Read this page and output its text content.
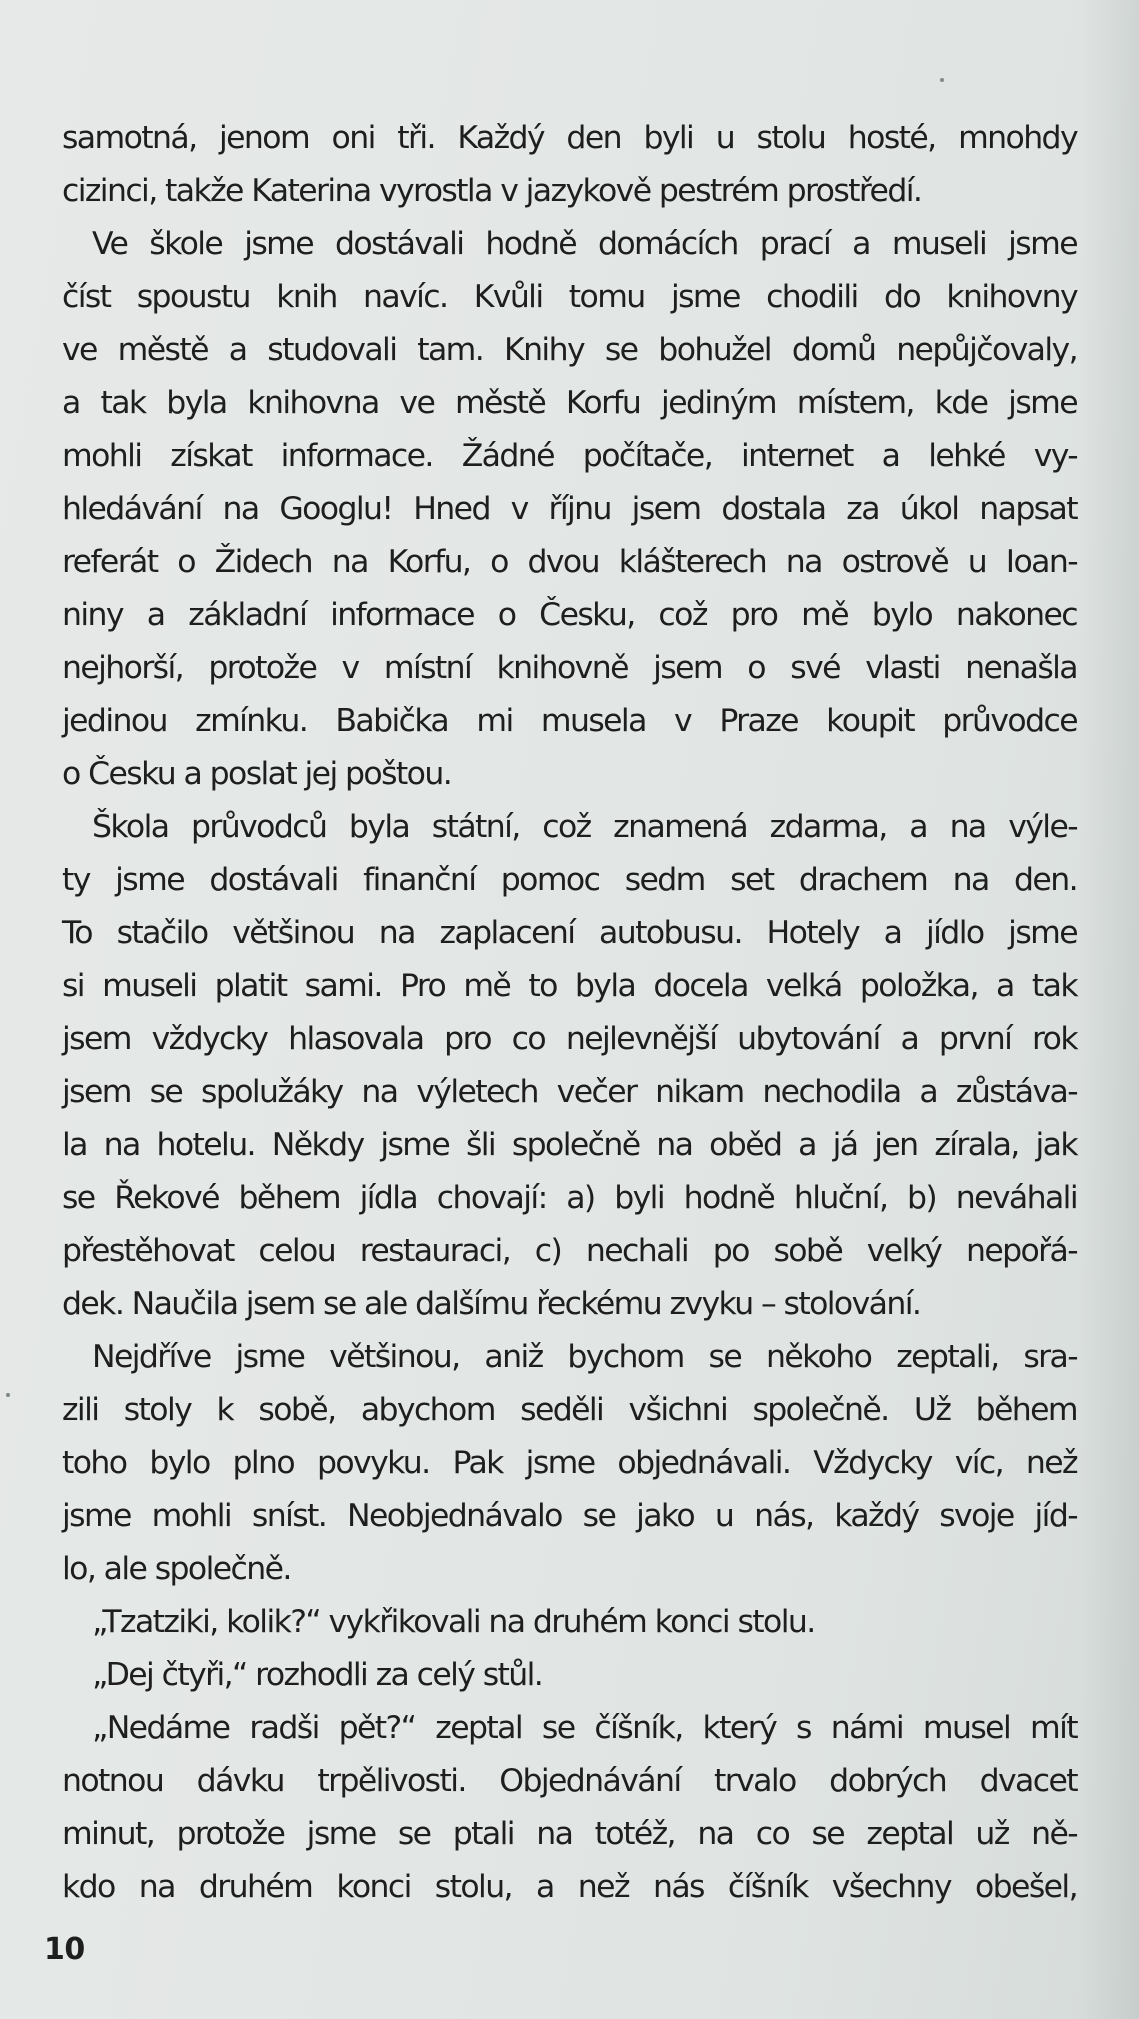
samotná, jenom oni tři. Každý den byli u stolu hosté, mnohdy
cizinci, takže Katerina vyrostla v jazykově pestrém prostředí.
Ve škole jsme dostávali hodně domácích prací a museli jsme
číst spoustu knih navíc. Kvůli tomu jsme chodili do knihovny
ve městě a studovali tam. Knihy se bohužel domů nepůjčovaly,
a tak byla knihovna ve městě Korfu jediným místem, kde jsme
mohli získat informace. Žádné počítače, internet a lehké vy-
hledávání na Googlu! Hned v říjnu jsem dostala za úkol napsat
referát o Židech na Korfu, o dvou klášterech na ostrově u Ioan-
niny a základní informace o Česku, což pro mě bylo nakonec
nejhorší, protože v místní knihovně jsem o své vlasti nenašla
jedinou zmínku. Babička mi musela v Praze koupit průvodce
o Česku a poslat jej poštou.
Škola průvodců byla státní, což znamená zdarma, a na výle-
ty jsme dostávali finanční pomoc sedm set drachem na den.
To stačilo většinou na zaplacení autobusu. Hotely a jídlo jsme
si museli platit sami. Pro mě to byla docela velká položka, a tak
jsem vždycky hlasovala pro co nejlevnější ubytování a první rok
jsem se spolužáky na výletech večer nikam nechodila a zůstáva-
la na hotelu. Někdy jsme šli společně na oběd a já jen zírala, jak
se Řekové během jídla chovají: a) byli hodně hluční, b) neváhali
přestěhovat celou restauraci, c) nechali po sobě velký nepořá-
dek. Naučila jsem se ale dalšímu řeckému zvyku – stolování.
Nejdříve jsme většinou, aniž bychom se někoho zeptali, sra-
zili stoly k sobě, abychom seděli všichni společně. Už během
toho bylo plno povyku. Pak jsme objednávali. Vždycky víc, než
jsme mohli sníst. Neobjednávalo se jako u nás, každý svoje jíd-
lo, ale společně.
„Tzatziki, kolik?“ vykřikovali na druhém konci stolu.
„Dej čtyři,“ rozhodli za celý stůl.
„Nedáme radši pět?“ zeptal se číšník, který s námi musel mít
notnou dávku trpělivosti. Objednávání trvalo dobrých dvacet
minut, protože jsme se ptali na totéž, na co se zeptal už ně-
kdo na druhém konci stolu, a než nás číšník všechny obešel,
10
